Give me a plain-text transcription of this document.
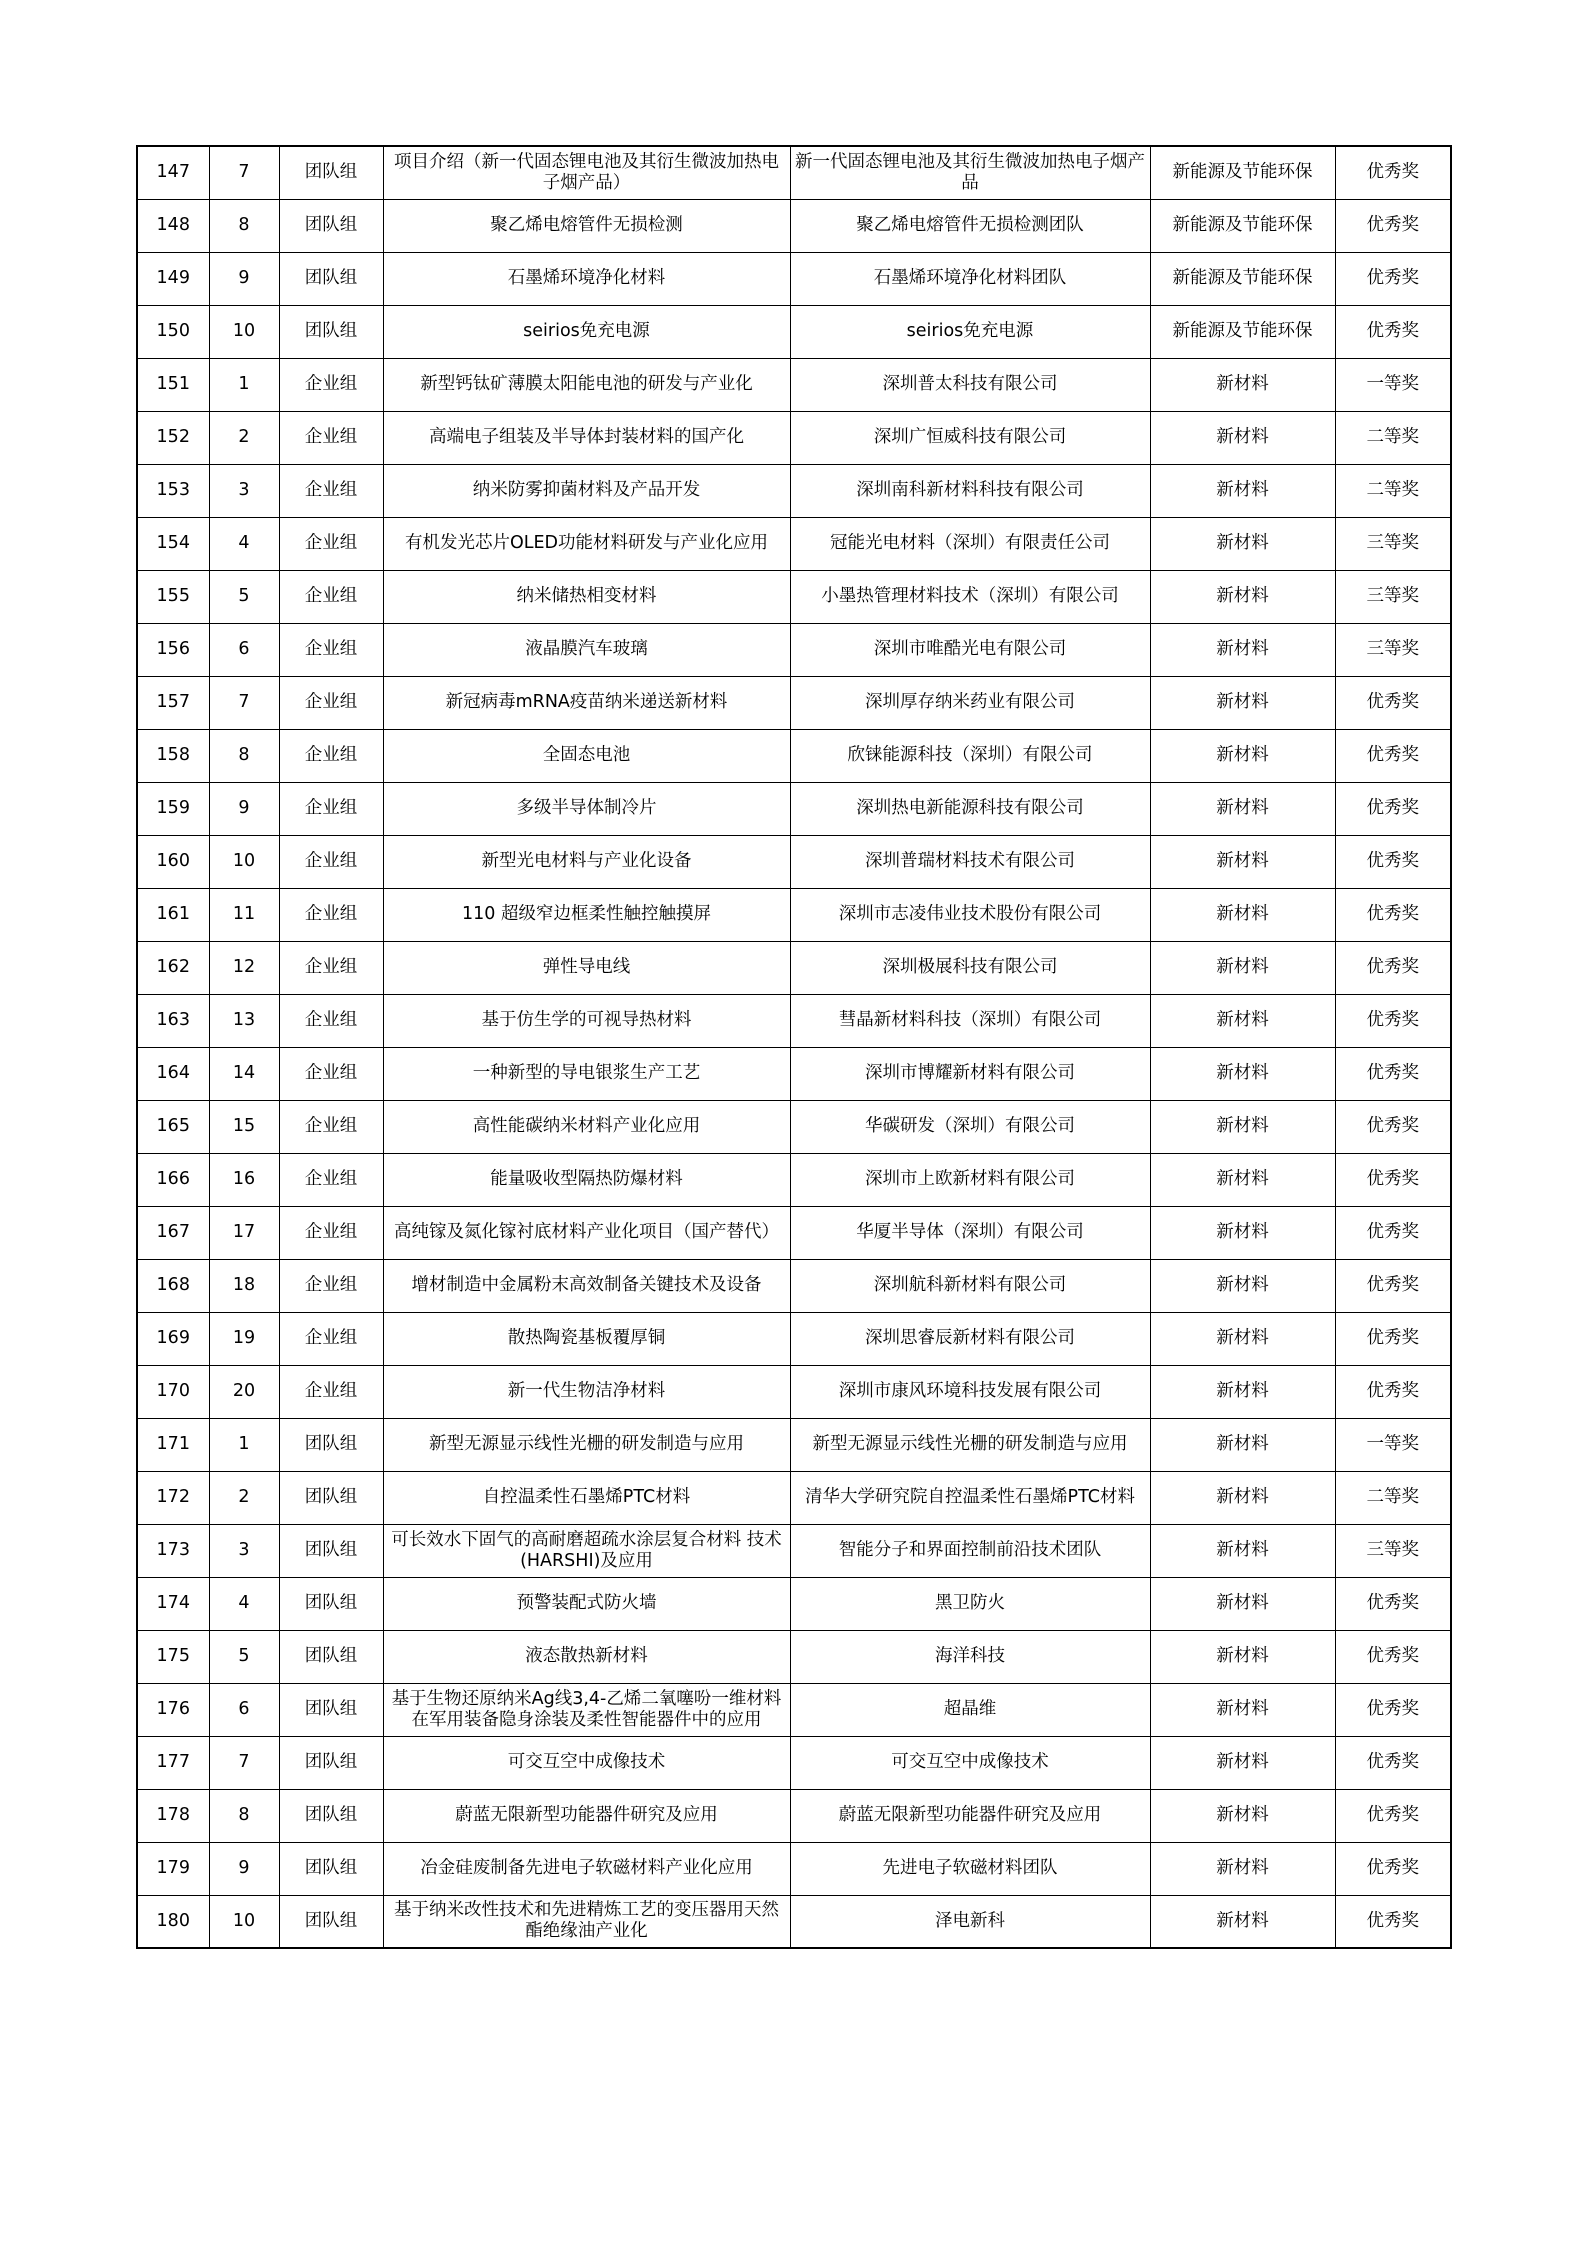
147	7	团队组	项目介绍（新一代固态锂电池及其衍生微波加热电子烟产品）	新一代固态锂电池及其衍生微波加热电子烟产品	新能源及节能环保	优秀奖
148	8	团队组	聚乙烯电熔管件无损检测	聚乙烯电熔管件无损检测团队	新能源及节能环保	优秀奖
149	9	团队组	石墨烯环境净化材料	石墨烯环境净化材料团队	新能源及节能环保	优秀奖
150	10	团队组	seirios免充电源	seirios免充电源	新能源及节能环保	优秀奖
151	1	企业组	新型钙钛矿薄膜太阳能电池的研发与产业化	深圳普太科技有限公司	新材料	一等奖
152	2	企业组	高端电子组装及半导体封装材料的国产化	深圳广恒威科技有限公司	新材料	二等奖
153	3	企业组	纳米防雾抑菌材料及产品开发	深圳南科新材料科技有限公司	新材料	二等奖
154	4	企业组	有机发光芯片OLED功能材料研发与产业化应用	冠能光电材料（深圳）有限责任公司	新材料	三等奖
155	5	企业组	纳米储热相变材料	小墨热管理材料技术（深圳）有限公司	新材料	三等奖
156	6	企业组	液晶膜汽车玻璃	深圳市唯酷光电有限公司	新材料	三等奖
157	7	企业组	新冠病毒mRNA疫苗纳米递送新材料	深圳厚存纳米药业有限公司	新材料	优秀奖
158	8	企业组	全固态电池	欣铼能源科技（深圳）有限公司	新材料	优秀奖
159	9	企业组	多级半导体制冷片	深圳热电新能源科技有限公司	新材料	优秀奖
160	10	企业组	新型光电材料与产业化设备	深圳普瑞材料技术有限公司	新材料	优秀奖
161	11	企业组	110 超级窄边框柔性触控触摸屏	深圳市志凌伟业技术股份有限公司	新材料	优秀奖
162	12	企业组	弹性导电线	深圳极展科技有限公司	新材料	优秀奖
163	13	企业组	基于仿生学的可视导热材料	彗晶新材料科技（深圳）有限公司	新材料	优秀奖
164	14	企业组	一种新型的导电银浆生产工艺	深圳市博耀新材料有限公司	新材料	优秀奖
165	15	企业组	高性能碳纳米材料产业化应用	华碳研发（深圳）有限公司	新材料	优秀奖
166	16	企业组	能量吸收型隔热防爆材料	深圳市上欧新材料有限公司	新材料	优秀奖
167	17	企业组	高纯镓及氮化镓衬底材料产业化项目（国产替代）	华厦半导体（深圳）有限公司	新材料	优秀奖
168	18	企业组	增材制造中金属粉末高效制备关键技术及设备	深圳航科新材料有限公司	新材料	优秀奖
169	19	企业组	散热陶瓷基板覆厚铜	深圳思睿辰新材料有限公司	新材料	优秀奖
170	20	企业组	新一代生物洁净材料	深圳市康风环境科技发展有限公司	新材料	优秀奖
171	1	团队组	新型无源显示线性光栅的研发制造与应用	新型无源显示线性光栅的研发制造与应用	新材料	一等奖
172	2	团队组	自控温柔性石墨烯PTC材料	清华大学研究院自控温柔性石墨烯PTC材料	新材料	二等奖
173	3	团队组	可长效水下固气的高耐磨超疏水涂层复合材料 技术(HARSHI)及应用	智能分子和界面控制前沿技术团队	新材料	三等奖
174	4	团队组	预警装配式防火墙	黑卫防火	新材料	优秀奖
175	5	团队组	液态散热新材料	海洋科技	新材料	优秀奖
176	6	团队组	基于生物还原纳米Ag线3,4-乙烯二氧噻吩一维材料在军用装备隐身涂装及柔性智能器件中的应用	超晶维	新材料	优秀奖
177	7	团队组	可交互空中成像技术	可交互空中成像技术	新材料	优秀奖
178	8	团队组	蔚蓝无限新型功能器件研究及应用	蔚蓝无限新型功能器件研究及应用	新材料	优秀奖
179	9	团队组	冶金硅废制备先进电子软磁材料产业化应用	先进电子软磁材料团队	新材料	优秀奖
180	10	团队组	基于纳米改性技术和先进精炼工艺的变压器用天然酯绝缘油产业化	泽电新科	新材料	优秀奖
